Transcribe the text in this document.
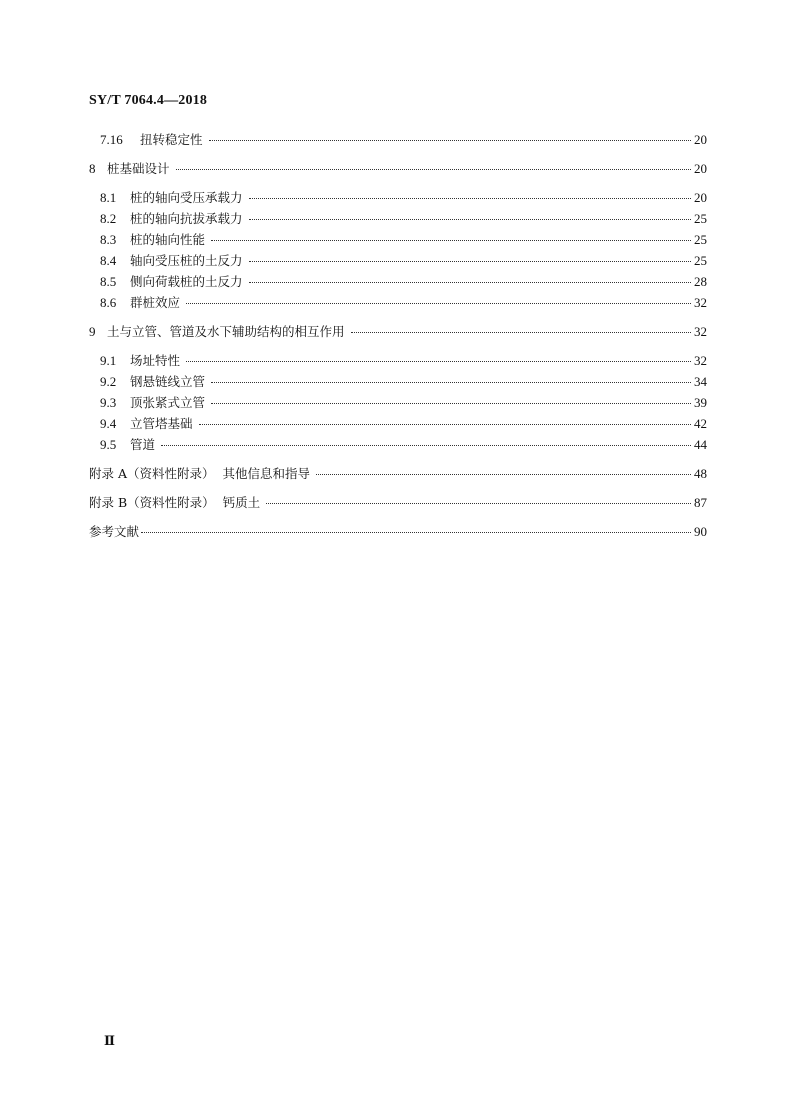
SY/T 7064.4—2018
7.16	扭转稳定性	20
8 桩基础设计	20
8.1	桩的轴向受压承载力	20
8.2	桩的轴向抗拔承载力	25
8.3	桩的轴向性能	25
8.4	轴向受压桩的土反力	25
8.5	侧向荷载桩的土反力	28
8.6	群桩效应	32
9 土与立管、管道及水下辅助结构的相互作用	32
9.1	场址特性	32
9.2	钢悬链线立管	34
9.3	顶张紧式立管	39
9.4	立管塔基础	42
9.5	管道	44
附录 A（资料性附录）  其他信息和指导	48
附录 B（资料性附录）  钙质土	87
参考文献	90
Ⅱ
